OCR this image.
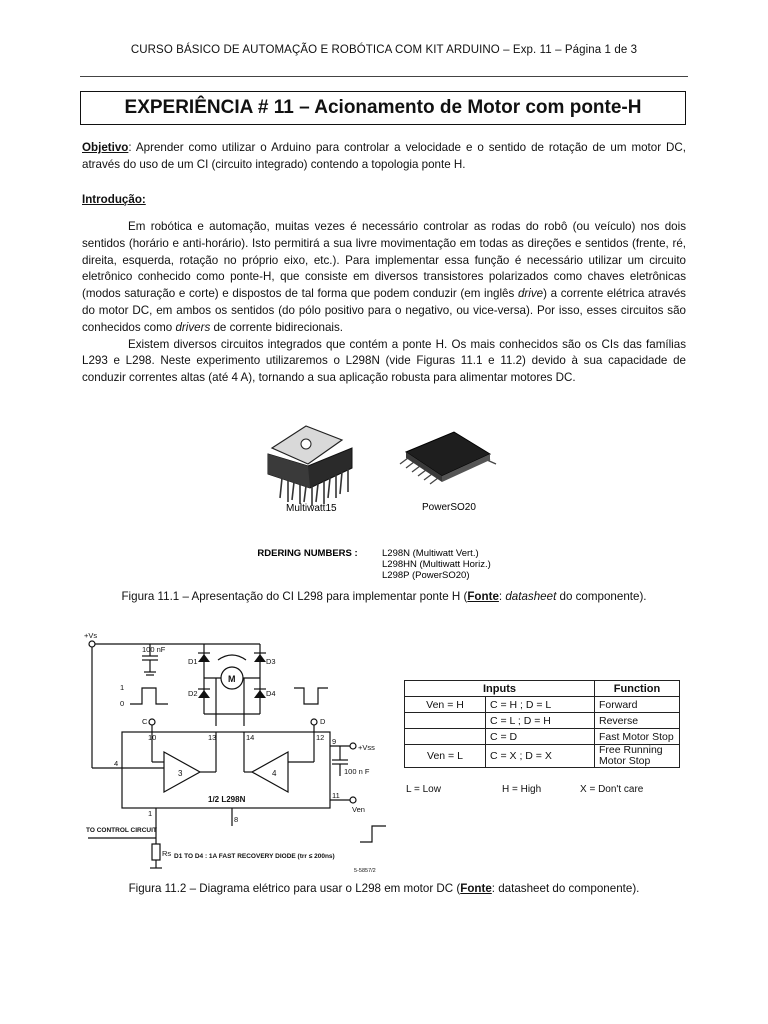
CURSO BÁSICO DE AUTOMAÇÃO E ROBÓTICA COM KIT ARDUINO – Exp. 11 – Página 1 de 3
EXPERIÊNCIA # 11 – Acionamento de Motor com ponte-H

Objetivo: Aprender como utilizar o Arduino para controlar a velocidade e o sentido de rotação de um motor DC, através do uso de um CI (circuito integrado) contendo a topologia ponte H.

Introdução:

Em robótica e automação, muitas vezes é necessário controlar as rodas do robô (ou veículo) nos dois sentidos (horário e anti-horário). Isto permitirá a sua livre movimentação em todas as direções e sentidos (frente, ré, direita, esquerda, rotação no próprio eixo, etc.). Para implementar essa função é necessário utilizar um circuito eletrônico conhecido como ponte-H, que consiste em diversos transistores polarizados como chaves eletrônicas (modos saturação e corte) e dispostos de tal forma que podem conduzir (em inglês drive) a corrente elétrica através do motor DC, em ambos os sentidos (do pólo positivo para o negativo, ou vice-versa). Por isso, esses circuitos são conhecidos como drivers de corrente bidirecionais.

Existem diversos circuitos integrados que contém a ponte H. Os mais conhecidos são os CIs das famílias L293 e L298. Neste experimento utilizaremos o L298N (vide Figuras 11.1 e 11.2) devido à sua capacidade de conduzir correntes altas (até 4 A), tornando a sua aplicação robusta para alimentar motores DC.

Multiwatt15	PowerSO20
ORDERING NUMBERS :	L298N (Multiwatt Vert.)
L298HN (Multiwatt Horiz.)
L298P (PowerSO20)
Figura 11.1 – Apresentação do CI L298 para implementar ponte H (Fonte: datasheet do componente).
+Vs
100 nF
D1
D2
D3
D4
M
1
0
C	D
10	13	14	12
4
9
+Vss
100 n F
11
Ven
3	4
1/2 L298N
8
1
TO CONTROL CIRCUIT
Rs D1 TO D4 : 1A FAST RECOVERY DIODE (trr ≤ 200ns)
5-5857/2
Inputs		Function
Ven = H	C = H ; D = L	Forward
	C = L ; D = H	Reverse
	C = D	Fast Motor Stop
Ven = L	C = X ; D = X	Free Running Motor Stop
L = Low	H = High	X = Don't care
Figura 11.2 – Diagrama elétrico para usar o L298 em motor DC (Fonte: datasheet do componente).
